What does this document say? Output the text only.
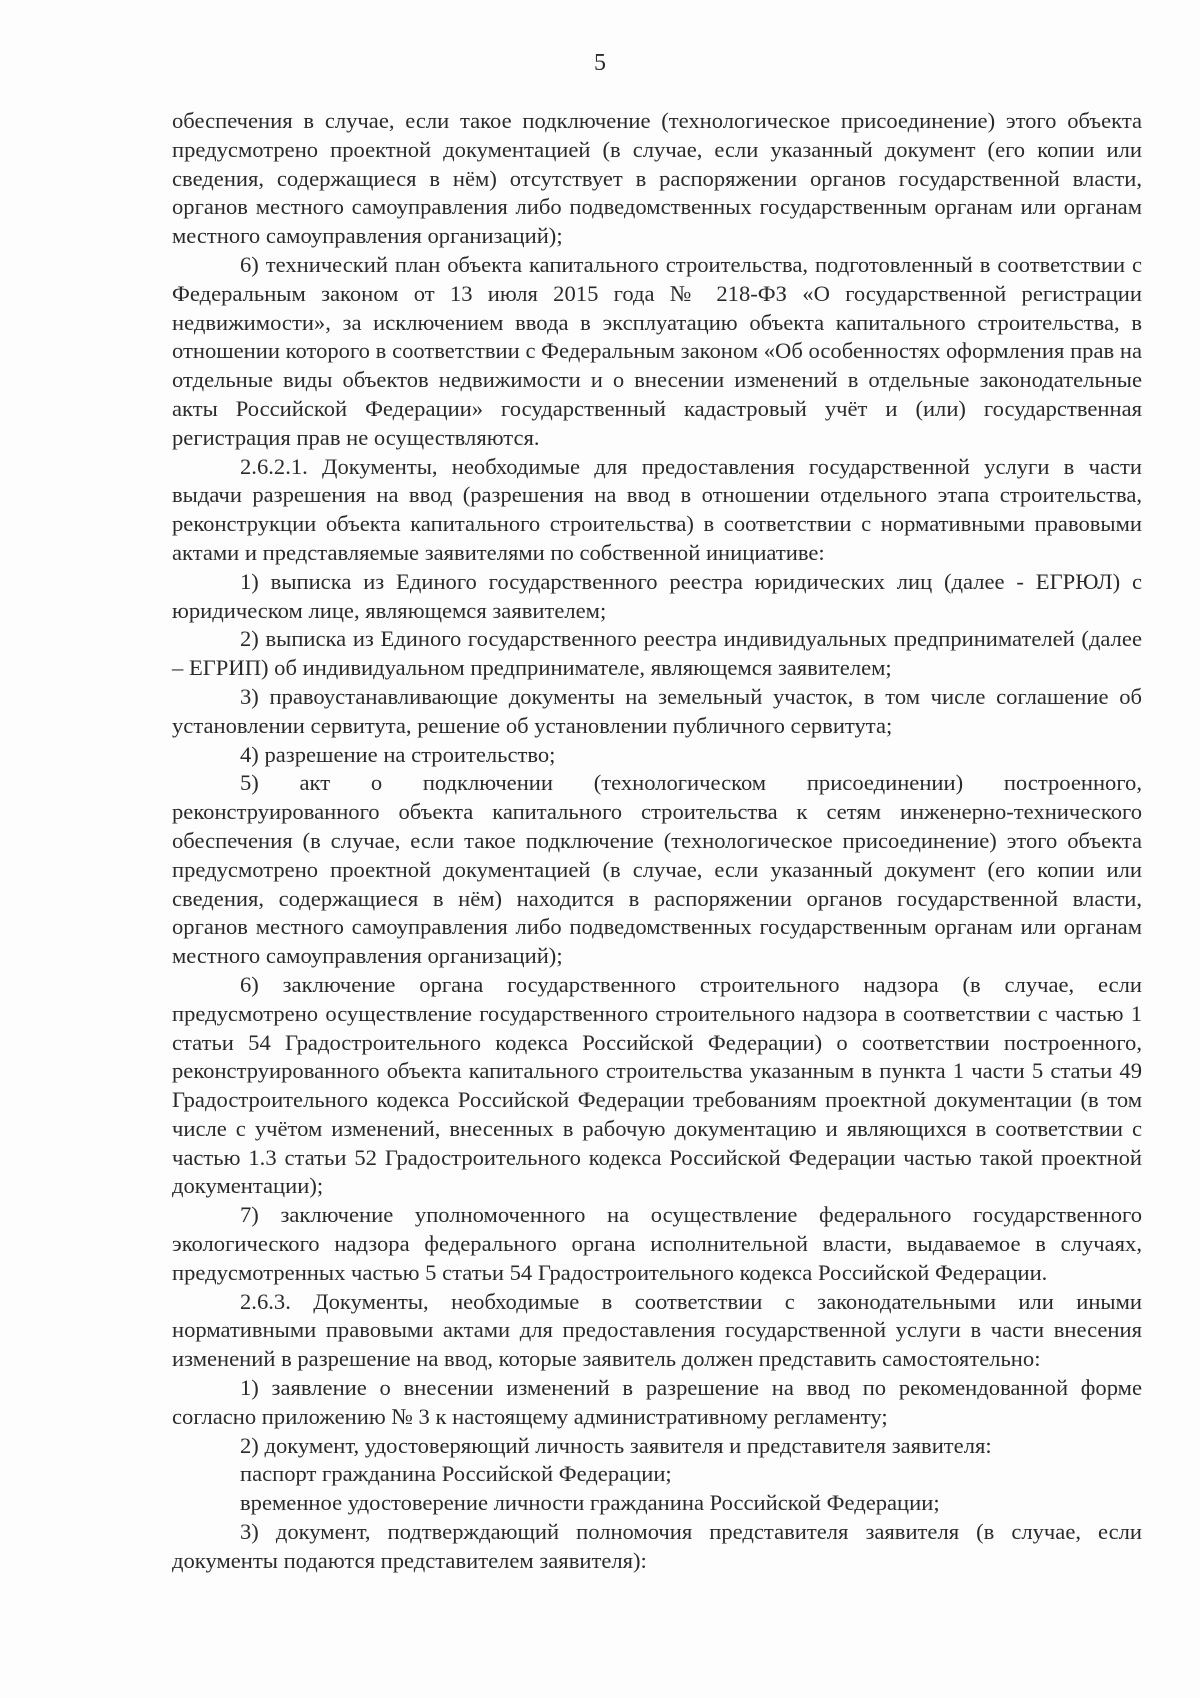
5

обеспечения в случае, если такое подключение (технологическое присоединение) этого объекта предусмотрено проектной документацией (в случае, если указанный документ (его копии или сведения, содержащиеся в нём) отсутствует в распоряжении органов государственной власти, органов местного самоуправления либо подведомственных государственным органам или органам местного самоуправления организаций);

6) технический план объекта капитального строительства, подготовленный в соответствии с Федеральным законом от 13 июля 2015 года № 218-ФЗ «О государственной регистрации недвижимости», за исключением ввода в эксплуатацию объекта капитального строительства, в отношении которого в соответствии с Федеральным законом «Об особенностях оформления прав на отдельные виды объектов недвижимости и о внесении изменений в отдельные законодательные акты Российской Федерации» государственный кадастровый учёт и (или) государственная регистрация прав не осуществляются.

2.6.2.1. Документы, необходимые для предоставления государственной услуги в части выдачи разрешения на ввод (разрешения на ввод в отношении отдельного этапа строительства, реконструкции объекта капитального строительства) в соответствии с нормативными правовыми актами и представляемые заявителями по собственной инициативе:

1) выписка из Единого государственного реестра юридических лиц (далее - ЕГРЮЛ) с юридическом лице, являющемся заявителем;

2) выписка из Единого государственного реестра индивидуальных предпринимателей (далее – ЕГРИП) об индивидуальном предпринимателе, являющемся заявителем;

3) правоустанавливающие документы на земельный участок, в том числе соглашение об установлении сервитута, решение об установлении публичного сервитута;

4) разрешение на строительство;

5) акт о подключении (технологическом присоединении) построенного, реконструированного объекта капитального строительства к сетям инженерно-технического обеспечения (в случае, если такое подключение (технологическое присоединение) этого объекта предусмотрено проектной документацией (в случае, если указанный документ (его копии или сведения, содержащиеся в нём) находится в распоряжении органов государственной власти, органов местного самоуправления либо подведомственных государственным органам или органам местного самоуправления организаций);

6) заключение органа государственного строительного надзора (в случае, если предусмотрено осуществление государственного строительного надзора в соответствии с частью 1 статьи 54 Градостроительного кодекса Российской Федерации) о соответствии построенного, реконструированного объекта капитального строительства указанным в пункта 1 части 5 статьи 49 Градостроительного кодекса Российской Федерации требованиям проектной документации (в том числе с учётом изменений, внесенных в рабочую документацию и являющихся в соответствии с частью 1.3 статьи 52 Градостроительного кодекса Российской Федерации частью такой проектной документации);

7) заключение уполномоченного на осуществление федерального государственного экологического надзора федерального органа исполнительной власти, выдаваемое в случаях, предусмотренных частью 5 статьи 54 Градостроительного кодекса Российской Федерации.

2.6.3. Документы, необходимые в соответствии с законодательными или иными нормативными правовыми актами для предоставления государственной услуги в части внесения изменений в разрешение на ввод, которые заявитель должен представить самостоятельно:

1) заявление о внесении изменений в разрешение на ввод по рекомендованной форме согласно приложению № 3 к настоящему административному регламенту;

2) документ, удостоверяющий личность заявителя и представителя заявителя:

паспорт гражданина Российской Федерации;

временное удостоверение личности гражданина Российской Федерации;

3) документ, подтверждающий полномочия представителя заявителя (в случае, если документы подаются представителем заявителя):
